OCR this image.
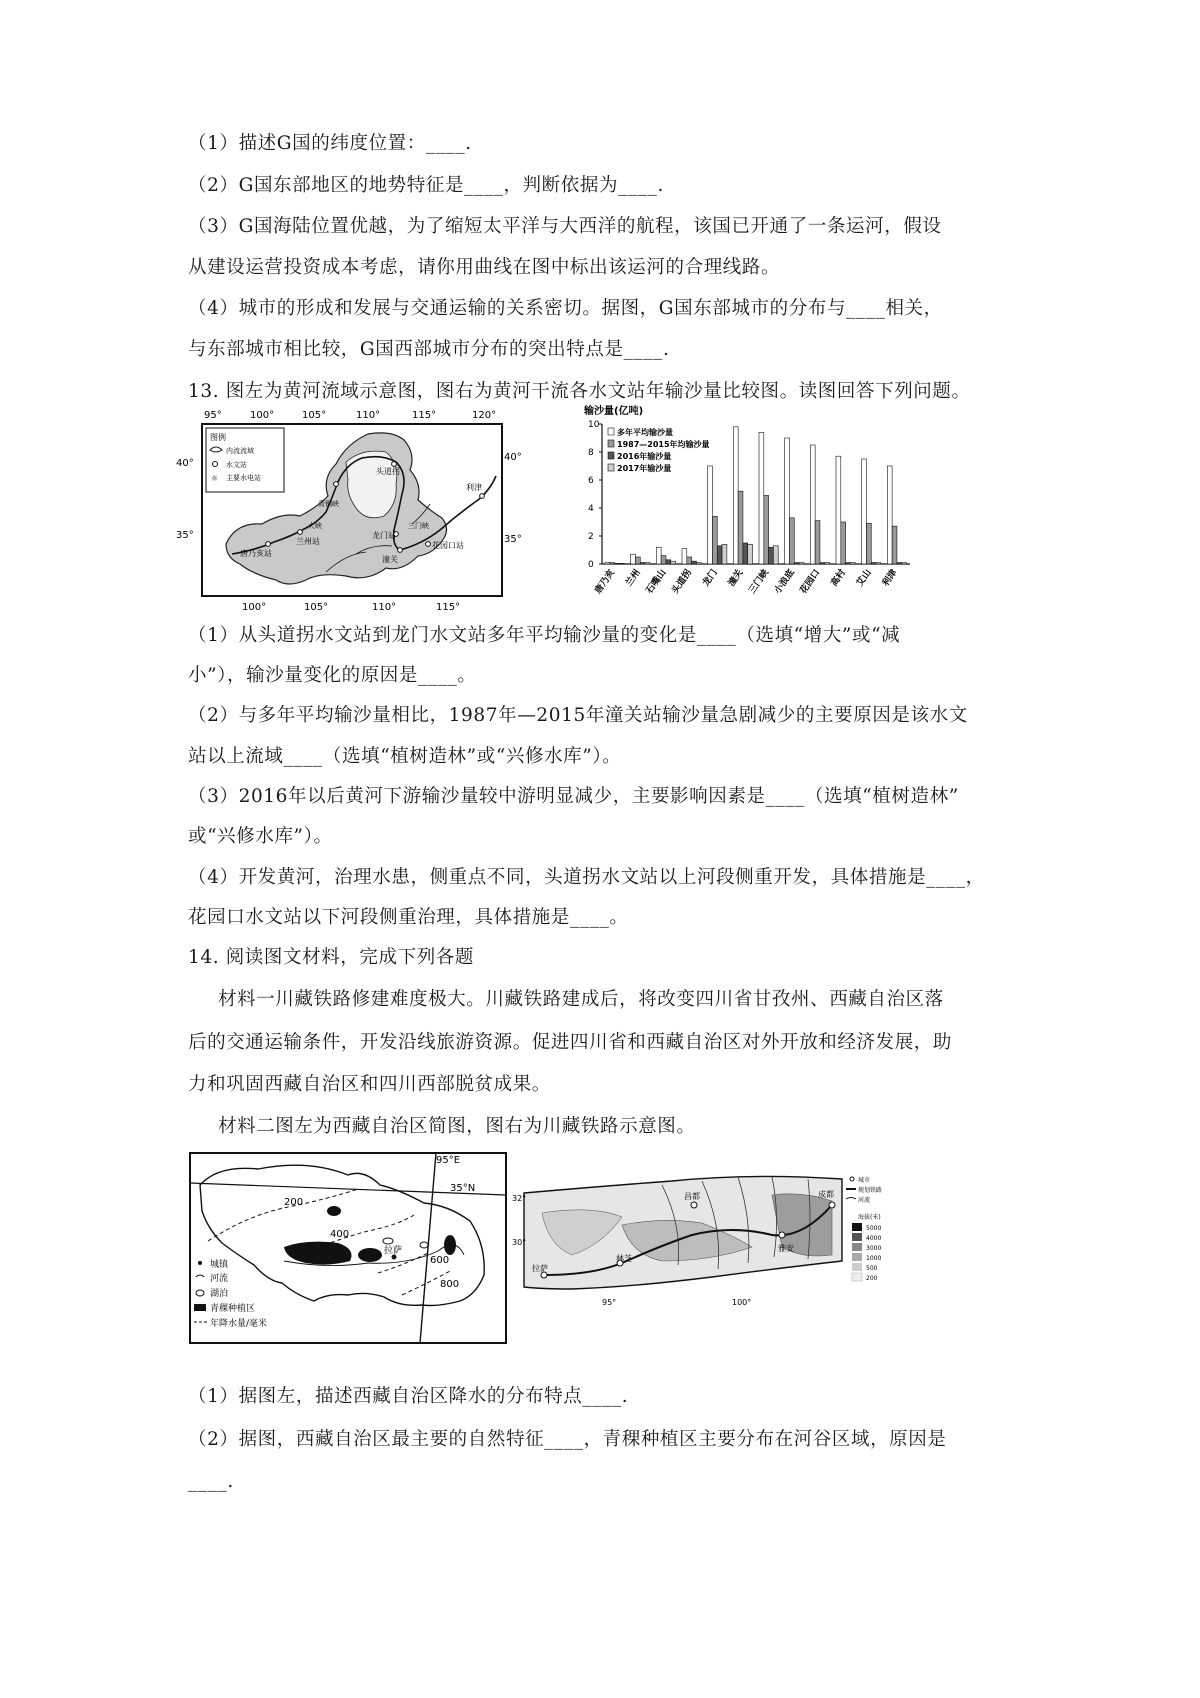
（1）描述G国的纬度位置：____.
（2）G国东部地区的地势特征是____，判断依据为____.
（3）G国海陆位置优越，为了缩短太平洋与大西洋的航程，该国已开通了一条运河，假设
从建设运营投资成本考虑，请你用曲线在图中标出该运河的合理线路。
（4）城市的形成和发展与交通运输的关系密切。据图，G国东部城市的分布与____相关，
与东部城市相比较，G国西部城市分布的突出特点是____.
13. 图左为黄河流域示意图，图右为黄河干流各水文站年输沙量比较图。读图回答下列问题。
95°	100°	105°	110°	115°	120°
100°	105°	110°	115°
40°
35°
40°
35°
图例
内流流域
水文站
☼ 主要水电站
头道拐
青铜峡
大峡
兰州站
唐乃亥站
龙门站
潼关
花园口站
利津
三门峡
输沙量(亿吨)
0
2
4
6
8
10
多年平均输沙量
1987—2015年均输沙量
2016年输沙量
2017年输沙量
唐乃亥 兰州 石嘴山 头道拐 龙门 潼关 三门峡 小浪底 花园口 高村 艾山 利津
（1）从头道拐水文站到龙门水文站多年平均输沙量的变化是____（选填“增大”或“减
小”），输沙量变化的原因是____。
（2）与多年平均输沙量相比，1987年—2015年潼关站输沙量急剧减少的主要原因是该水文
站以上流域____（选填“植树造林”或“兴修水库”）。
（3）2016年以后黄河下游输沙量较中游明显减少，主要影响因素是____（选填“植树造林”
或“兴修水库”）。
（4）开发黄河，治理水患，侧重点不同，头道拐水文站以上河段侧重开发，具体措施是____，
花园口水文站以下河段侧重治理，具体措施是____。
14. 阅读图文材料，完成下列各题
材料一川藏铁路修建难度极大。川藏铁路建成后，将改变四川省甘孜州、西藏自治区落
后的交通运输条件，开发沿线旅游资源。促进四川省和西藏自治区对外开放和经济发展，助
力和巩固西藏自治区和四川西部脱贫成果。
材料二图左为西藏自治区简图，图右为川藏铁路示意图。
95°E
35°N
200
400
600
800
拉萨
城镇
河流
湖泊
青稞种植区
年降水量/毫米
32°
30°
95°	100°
成都
拉萨
雅安
林芝
昌都
城市
规划铁路
河流
海拔(米)
5000
4000
3000
1000
500
200
（1）据图左，描述西藏自治区降水的分布特点____.
（2）据图，西藏自治区最主要的自然特征____，青稞种植区主要分布在河谷区域，原因是
____.
